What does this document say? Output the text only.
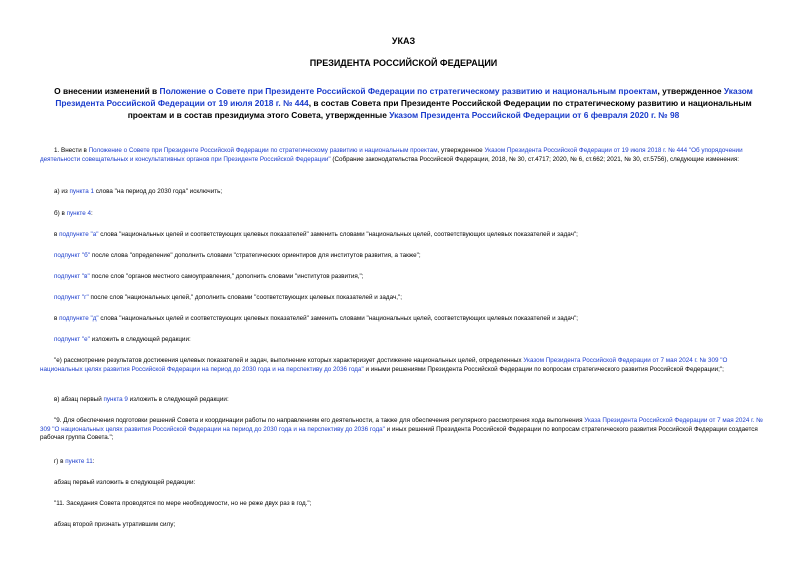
УКАЗ
ПРЕЗИДЕНТА РОССИЙСКОЙ ФЕДЕРАЦИИ
О внесении изменений в Положение о Совете при Президенте Российской Федерации по стратегическому развитию и национальным проектам, утвержденное Указом Президента Российской Федерации от 19 июля 2018 г. № 444, в состав Совета при Президенте Российской Федерации по стратегическому развитию и национальным проектам и в состав президиума этого Совета, утвержденные Указом Президента Российской Федерации от 6 февраля 2020 г. № 98
1. Внести в Положение о Совете при Президенте Российской Федерации по стратегическому развитию и национальным проектам, утвержденное Указом Президента Российской Федерации от 19 июля 2018 г. № 444 "Об упорядочении деятельности совещательных и консультативных органов при Президенте Российской Федерации" (Собрание законодательства Российской Федерации, 2018, № 30, ст.4717; 2020, № 6, ст.662; 2021, № 30, ст.5756), следующие изменения:
а) из пункта 1 слова "на период до 2030 года" исключить;
б) в пункте 4:
в подпункте "а" слова "национальных целей и соответствующих целевых показателей" заменить словами "национальных целей, соответствующих целевых показателей и задач";
подпункт "б" после слова "определение" дополнить словами "стратегических ориентиров для институтов развития, а также";
подпункт "в" после слов "органов местного самоуправления," дополнить словами "институтов развития,";
подпункт "г" после слов "национальных целей," дополнить словами "соответствующих целевых показателей и задач,";
в подпункте "д" слова "национальных целей и соответствующих целевых показателей" заменить словами "национальных целей, соответствующих целевых показателей и задач";
подпункт "е" изложить в следующей редакции:
"е) рассмотрение результатов достижения целевых показателей и задач, выполнение которых характеризует достижение национальных целей, определенных Указом Президента Российской Федерации от 7 мая 2024 г. № 309 "О национальных целях развития Российской Федерации на период до 2030 года и на перспективу до 2036 года" и иными решениями Президента Российской Федерации по вопросам стратегического развития Российской Федерации;";
в) абзац первый пункта 9 изложить в следующей редакции:
"9. Для обеспечения подготовки решений Совета и координации работы по направлениям его деятельности, а также для обеспечения регулярного рассмотрения хода выполнения Указа Президента Российской Федерации от 7 мая 2024 г. № 309 "О национальных целях развития Российской Федерации на период до 2030 года и на перспективу до 2036 года" и иных решений Президента Российской Федерации по вопросам стратегического развития Российской Федерации создается рабочая группа Совета.";
г) в пункте 11:
абзац первый изложить в следующей редакции:
"11. Заседания Совета проводятся по мере необходимости, но не реже двух раз в год.";
абзац второй признать утратившим силу;
